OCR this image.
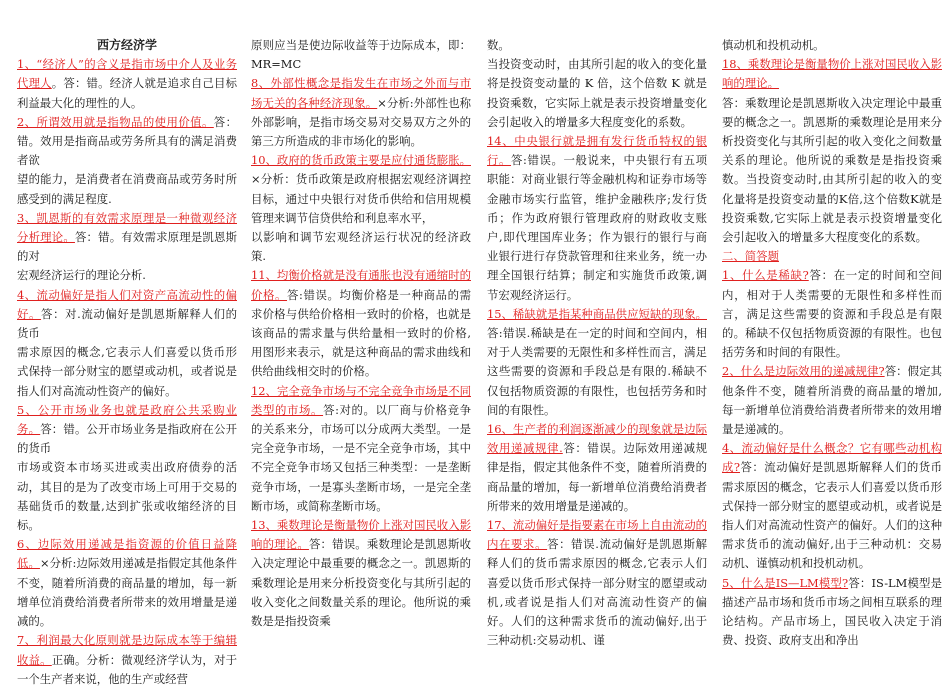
西方经济学

1、“经济人”的含义是指市场中介人及业务代理人。答：错。经济人就是追求自己目标利益最大化的理性的人。

2、所谓效用就是指物品的使用价值。答：错。效用是指商品或劳务所具有的满足消费者欲

望的能力，是消费者在消费商品或劳务时所感受到的满足程度.

3、凯恩斯的有效需求原理是一种微观经济分析理论。答：错。有效需求原理是凯恩斯的对

宏观经济运行的理论分析.

4、流动偏好是指人们对资产高流动性的偏好。答：对.流动偏好是凯恩斯解释人们的货币

需求原因的概念,它表示人们喜爱以货币形式保持一部分财宝的愿望或动机，或者说是指人们对高流动性资产的偏好。

5、公开市场业务也就是政府公共采购业务。答：错。公开市场业务是指政府在公开的货币

市场或资本市场买进或卖出政府债券的活动，其目的是为了改变市场上可用于交易的基础货币的数量,达到扩张或收缩经济的目标。

6、边际效用递减是指资源的价值日益降低。×分析:边际效用递减是指假定其他条件不变，随着所消费的商品量的增加，每一新增单位消费给消费者所带来的效用增量是递减的。

7、利润最大化原则就是边际成本等于编辑收益。正确。分析：微观经济学认为，对于一个生产者来说，他的生产或经营

原则应当是使边际收益等于边际成本，即：MR=MC

8、外部性概念是指发生在市场之外而与市场无关的各种经济现象。×分析:外部性也称外部影响，是指市场交易对交易双方之外的第三方所造成的非市场化的影响。

10、政府的货币政策主要是应付通货膨胀。×分析：货币政策是政府根据宏观经济调控目标，通过中央银行对货币供给和信用规模管理来调节信贷供给和利息率水平，

以影响和调节宏观经济运行状况的经济政策.

11、均衡价格就是没有通胀也没有通缩时的价格。答:错误。均衡价格是一种商品的需求价格与供给价格相一致时的价格，也就是该商品的需求量与供给量相一致时的价格,用图形来表示，就是这种商品的需求曲线和供给曲线相交时的价格。

12、完全竞争市场与不完全竞争市场是不同类型的市场。答:对的。以厂商与价格竞争的关系来分，市场可以分成两大类型。一是完全竞争市场，一是不完全竞争市场，其中不完全竞争市场又包括三种类型：一是垄断竞争市场，一是寡头垄断市场，一是完全垄断市场，或简称垄断市场。

13、乘数理论是衡量物价上涨对国民收入影响的理论。答：错误。乘数理论是凯恩斯收入决定理论中最重要的概念之一。凯恩斯的乘数理论是用来分析投资变化与其所引起的收入变化之间数量关系的理论。他所说的乘数是是指投资乘

数。

当投资变动时，由其所引起的收入的变化量将是投资变动量的 K 倍，这个倍数 K 就是投资乘数，它实际上就是表示投资增量变化会引起收入的增量多大程度变化的系数。

14、中央银行就是拥有发行货币特权的银行。答:错误。一般说来，中央银行有五项职能：对商业银行等金融机构和证券市场等金融市场实行监管，维护金融秩序;发行货币；作为政府银行管理政府的财政收支账户,即代理国库业务；作为银行的银行与商业银行进行存贷款管理和往来业务，统一办理全国银行结算；制定和实施货币政策,调节宏观经济运行。

15、稀缺就是指某种商品供应短缺的现象。答:错误.稀缺是在一定的时间和空间内，相对于人类需要的无限性和多样性而言，满足这些需要的资源和手段总是有限的.稀缺不仅包括物质资源的有限性，也包括劳务和时间的有限性。

16、生产者的利润逐渐减少的现象就是边际效用递减规律.答：错误。边际效用递减规律是指，假定其他条件不变，随着所消费的商品量的增加，每一新增单位消费给消费者所带来的效用增量是递减的。

17、流动偏好是指要素在市场上自由流动的内在要求。答：错误.流动偏好是凯恩斯解释人们的货币需求原因的概念,它表示人们喜爱以货币形式保持一部分财宝的愿望或动机,或者说是指人们对高流动性资产的偏好。人们的这种需求货币的流动偏好,出于三种动机:交易动机、谨

慎动机和投机动机。

18、乘数理论是衡量物价上涨对国民收入影响的理论。

答：乘数理论是凯恩斯收入决定理论中最重要的概念之一。凯恩斯的乘数理论是用来分析投资变化与其所引起的收入变化之间数量关系的理论。他所说的乘数是是指投资乘数。当投资变动时,由其所引起的收入的变化量将是投资变动量的K倍,这个倍数K就是投资乘数,它实际上就是表示投资增量变化会引起收入的增量多大程度变化的系数。

二、简答题

1、什么是稀缺?答：在一定的时间和空间内，相对于人类需要的无限性和多样性而言，满足这些需要的资源和手段总是有限的。稀缺不仅包括物质资源的有限性。也包括劳务和时间的有限性。

2、什么是边际效用的递减规律?答：假定其他条件不变，随着所消费的商品量的增加,每一新增单位消费给消费者所带来的效用增量是递减的。

4、流动偏好是什么概念？它有哪些动机构成?答：流动偏好是凯恩斯解释人们的货币需求原因的概念，它表示人们喜爱以货币形式保持一部分财宝的愿望或动机，或者说是指人们对高流动性资产的偏好。人们的这种需求货币的流动偏好,出于三种动机：交易动机、谨慎动机和投机动机。

5、什么是IS—LM模型?答：IS-LM模型是描述产品市场和货币市场之间相互联系的理论结构。产品市场上，国民收入决定于消费、投资、政府支出和净出
